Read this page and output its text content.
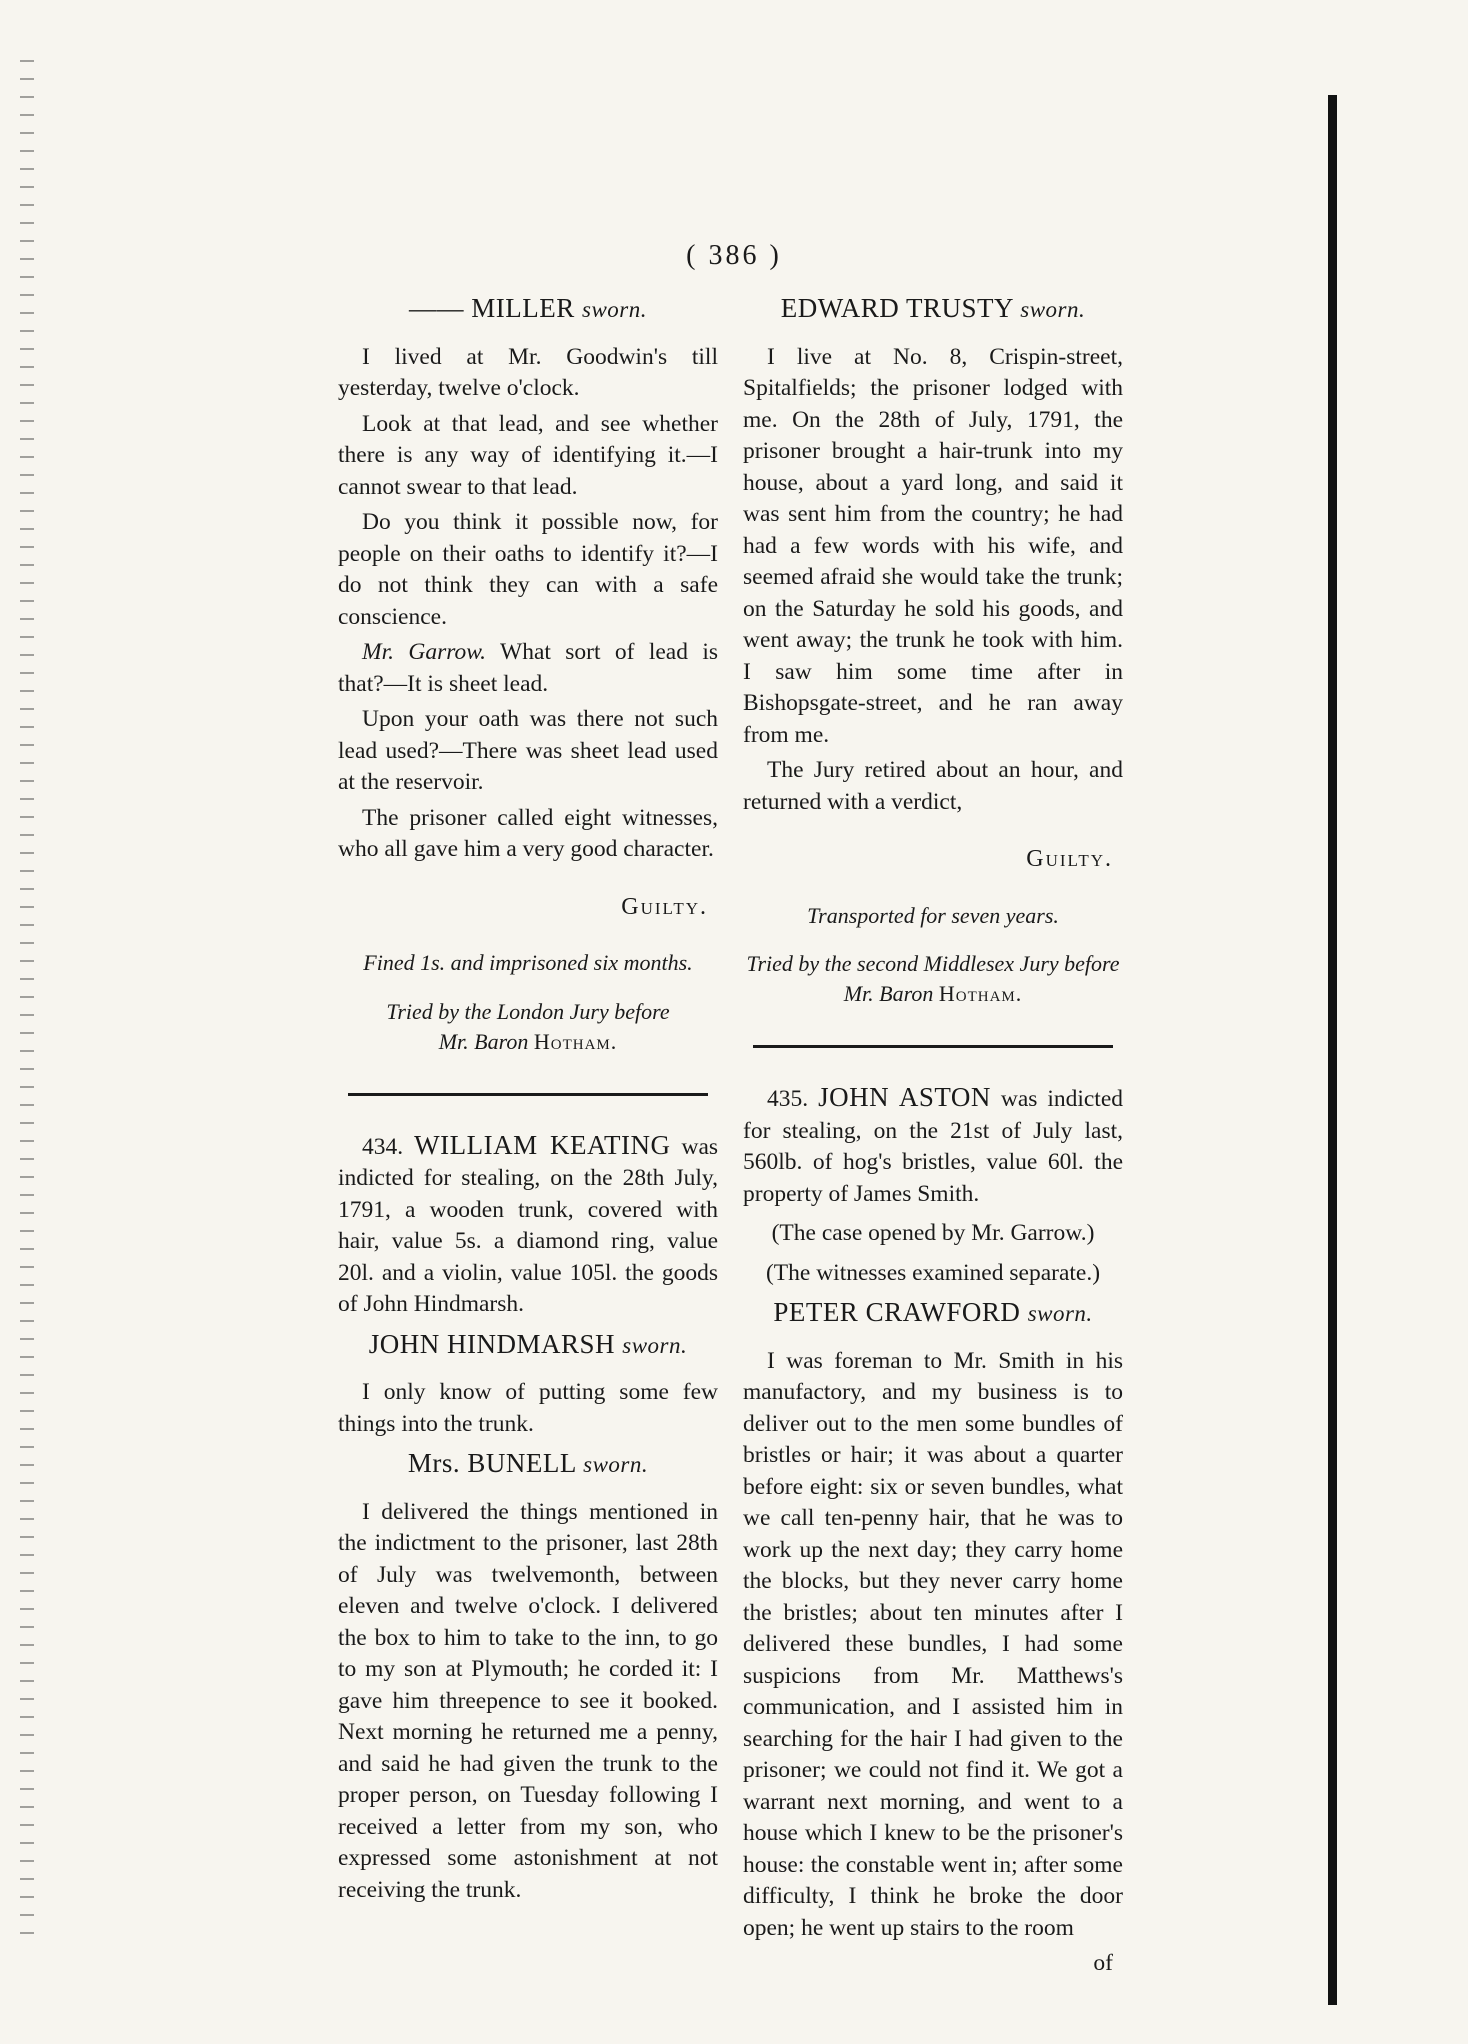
( 386 )
—— MILLER sworn.

I lived at Mr. Goodwin's till yesterday, twelve o'clock.

Look at that lead, and see whether there is any way of identifying it.—I cannot swear to that lead.

Do you think it possible now, for people on their oaths to identify it?—I do not think they can with a safe conscience.

Mr. Garrow. What sort of lead is that?—It is sheet lead.

Upon your oath was there not such lead used?—There was sheet lead used at the reservoir.

The prisoner called eight witnesses, who all gave him a very good character.

Guilty.
Fined 1s. and imprisoned six months.
Tried by the London Jury before
Mr. Baron Hotham.

434. WILLIAM KEATING was indicted for stealing, on the 28th July, 1791, a wooden trunk, covered with hair, value 5s. a diamond ring, value 20l. and a violin, value 105l. the goods of John Hindmarsh.

JOHN HINDMARSH sworn.

I only know of putting some few things into the trunk.

Mrs. BUNELL sworn.

I delivered the things mentioned in the indictment to the prisoner, last 28th of July was twelvemonth, between eleven and twelve o'clock. I delivered the box to him to take to the inn, to go to my son at Plymouth; he corded it: I gave him threepence to see it booked. Next morning he returned me a penny, and said he had given the trunk to the proper person, on Tuesday following I received a letter from my son, who expressed some astonishment at not receiving the trunk.

EDWARD TRUSTY sworn.

I live at No. 8, Crispin-street, Spitalfields; the prisoner lodged with me. On the 28th of July, 1791, the prisoner brought a hair-trunk into my house, about a yard long, and said it was sent him from the country; he had had a few words with his wife, and seemed afraid she would take the trunk; on the Saturday he sold his goods, and went away; the trunk he took with him. I saw him some time after in Bishopsgate-street, and he ran away from me.

The Jury retired about an hour, and returned with a verdict,

Guilty.
Transported for seven years.
Tried by the second Middlesex Jury before
Mr. Baron Hotham.

435. JOHN ASTON was indicted for stealing, on the 21st of July last, 560lb. of hog's bristles, value 60l. the property of James Smith.

(The case opened by Mr. Garrow.)

(The witnesses examined separate.)

PETER CRAWFORD sworn.

I was foreman to Mr. Smith in his manufactory, and my business is to deliver out to the men some bundles of bristles or hair; it was about a quarter before eight: six or seven bundles, what we call ten-penny hair, that he was to work up the next day; they carry home the blocks, but they never carry home the bristles; about ten minutes after I delivered these bundles, I had some suspicions from Mr. Matthews's communication, and I assisted him in searching for the hair I had given to the prisoner; we could not find it. We got a warrant next morning, and went to a house which I knew to be the prisoner's house: the constable went in; after some difficulty, I think he broke the door open; he went up stairs to the room

of
